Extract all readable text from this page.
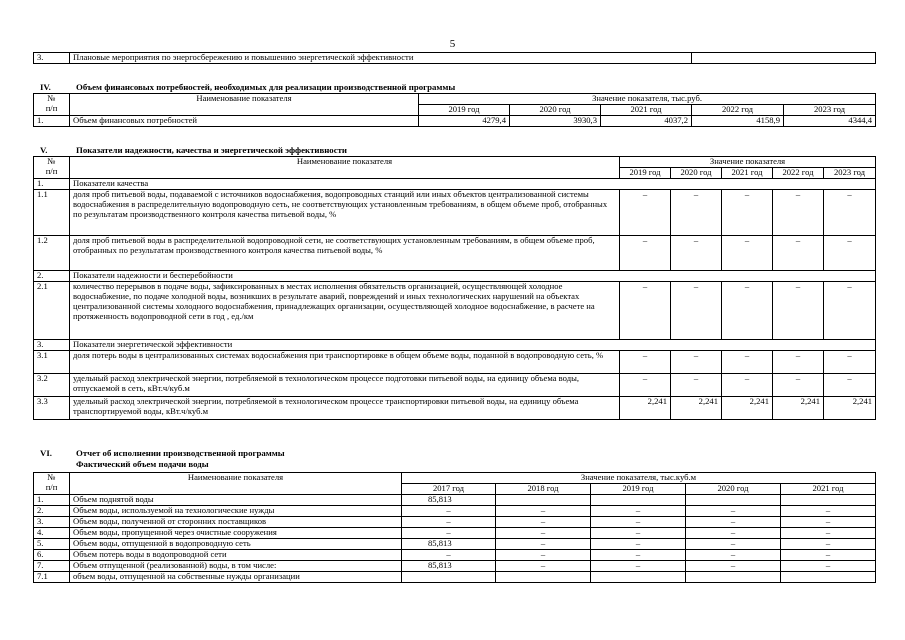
5
3.	Плановые мероприятия по энергосбережению и повышению энергетической эффективности	
IV.	Объем финансовых потребностей, необходимых для реализации производственной программы
№
п/п	Наименование показателя	Значение показателя, тыс.руб.				
		2019 год	2020 год	2021 год	2022 год	2023 год
1.	Объем финансовых потребностей	4279,4	3930,3	4037,2	4158,9	4344,4
V.	Показатели надежности, качества и энергетической эффективности
№
п/п	Наименование показателя	Значение показателя				
		2019 год	2020 год	2021 год	2022 год	2023 год
1.	Показатели качества					
1.1	доля проб питьевой воды, подаваемой с источников водоснабжения, водопроводных станций или иных объектов централизованной системы водоснабжения в распределительную водопроводную сеть, не соответствующих установленным требованиям, в общем объеме проб, отобранных по результатам производственного контроля качества питьевой воды, %	–	–	–	–	–
1.2	доля проб питьевой воды в распределительной водопроводной сети, не соответствующих установленным требованиям, в общем объеме проб, отобранных по результатам производственного контроля качества питьевой воды, %	–	–	–	–	–
2.	Показатели надежности и бесперебойности					
2.1	количество перерывов в подаче воды, зафиксированных в местах исполнения обязательств организацией, осуществляющей холодное водоснабжение, по подаче холодной воды, возникших в результате аварий, повреждений и иных технологических нарушений на объектах централизованной системы холодного водоснабжения, принадлежащих организации, осуществляющей холодное водоснабжение, в расчете на протяженность водопроводной сети в год , ед./км	–	–	–	–	–
3.	Показатели энергетической эффективности					
3.1	доля потерь воды в централизованных системах водоснабжения при транспортировке в общем объеме воды, поданной в водопроводную сеть, %	–	–	–	–	–
3.2	удельный расход электрической энергии, потребляемой в технологическом процессе подготовки питьевой воды, на единицу объема воды, отпускаемой в сеть, кВт.ч/куб.м	–	–	–	–	–
3.3	удельный расход электрической энергии, потребляемой в технологическом процессе транспортировки питьевой воды, на единицу объема транспортируемой воды, кВт.ч/куб.м	2,241	2,241	2,241	2,241	2,241
VI.	Отчет об исполнении производственной программы
Фактический объем подачи воды
№
п/п	Наименование показателя	Значение показателя, тыс.куб.м				
		2017 год	2018 год	2019 год	2020 год	2021 год
1.	Объем поднятой воды	85,813				
2.	Объем воды, используемой на технологические нужды	–	–	–	–	–
3.	Объем воды, полученной от сторонних поставщиков	–	–	–	–	–
4.	Объем воды, пропущенной через очистные сооружения	–	–	–	–	–
5.	Объем воды, отпущенной в водопроводную сеть	85,813	–	–	–	–
6.	Объем потерь воды в водопроводной сети	–	–	–	–	–
7.	Объем отпущенной (реализованной) воды, в том числе:	85,813	–	–	–	–
7.1	объем воды, отпущенной на собственные нужды организации					
